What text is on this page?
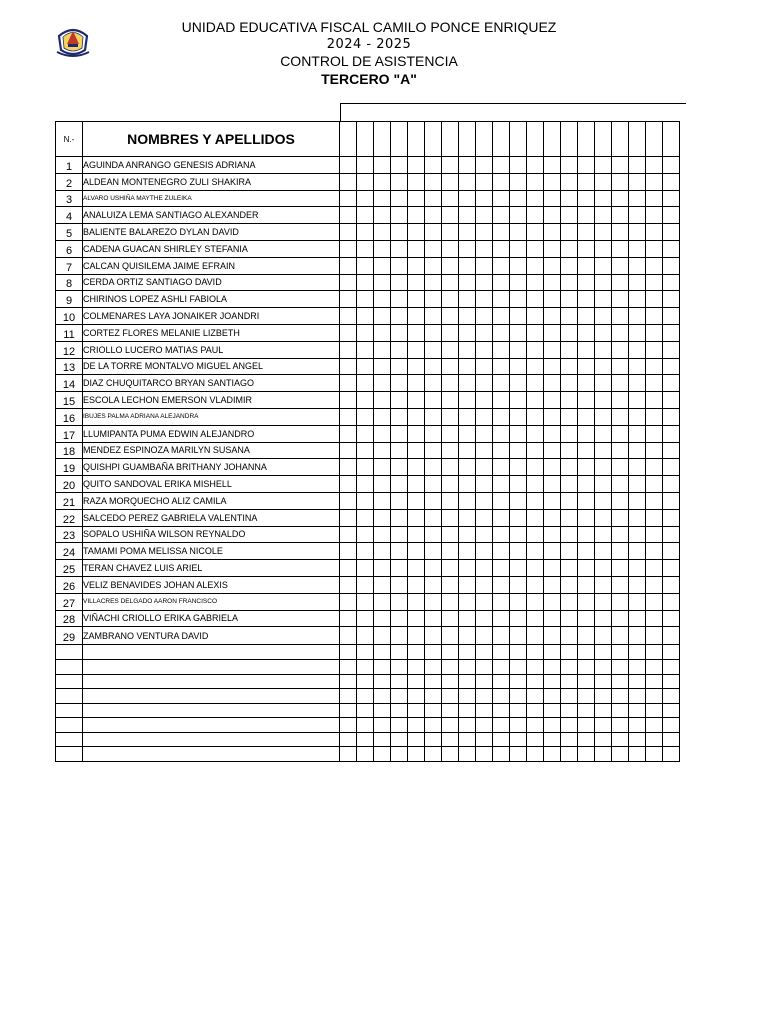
UNIDAD EDUCATIVA FISCAL CAMILO PONCE ENRIQUEZ
2024 - 2025
CONTROL DE ASISTENCIA
TERCERO "A"
N.-	NOMBRES Y APELLIDOS																				
1	AGUINDA ANRANGO GENESIS ADRIANA																				
2	ALDEAN MONTENEGRO ZULI SHAKIRA																				
3	ALVARO USHIÑA MAYTHE ZULEIKA																				
4	ANALUIZA LEMA SANTIAGO ALEXANDER																				
5	BALIENTE BALAREZO DYLAN DAVID																				
6	CADENA GUACAN SHIRLEY STEFANIA																				
7	CALCAN QUISILEMA JAIME EFRAIN																				
8	CERDA ORTIZ SANTIAGO DAVID																				
9	CHIRINOS LOPEZ ASHLI FABIOLA																				
10	COLMENARES LAYA JONAIKER JOANDRI																				
11	CORTEZ FLORES MELANIE LIZBETH																				
12	CRIOLLO LUCERO MATIAS PAUL																				
13	DE LA TORRE MONTALVO MIGUEL ANGEL																				
14	DIAZ CHUQUITARCO BRYAN SANTIAGO																				
15	ESCOLA LECHON EMERSON VLADIMIR																				
16	IBUJES PALMA ADRIANA ALEJANDRA																				
17	LLUMIPANTA PUMA EDWIN ALEJANDRO																				
18	MENDEZ ESPINOZA MARILYN SUSANA																				
19	QUISHPI GUAMBAÑA BRITHANY JOHANNA																				
20	QUITO SANDOVAL ERIKA MISHELL																				
21	RAZA MORQUECHO ALIZ CAMILA																				
22	SALCEDO PEREZ GABRIELA VALENTINA																				
23	SOPALO USHIÑA WILSON REYNALDO																				
24	TAMAMI POMA MELISSA NICOLE																				
25	TERAN CHAVEZ LUIS ARIEL																				
26	VELIZ BENAVIDES JOHAN ALEXIS																				
27	VILLACRES DELGADO AARON FRANCISCO																				
28	VIÑACHI CRIOLLO ERIKA GABRIELA																				
29	ZAMBRANO VENTURA DAVID																				
